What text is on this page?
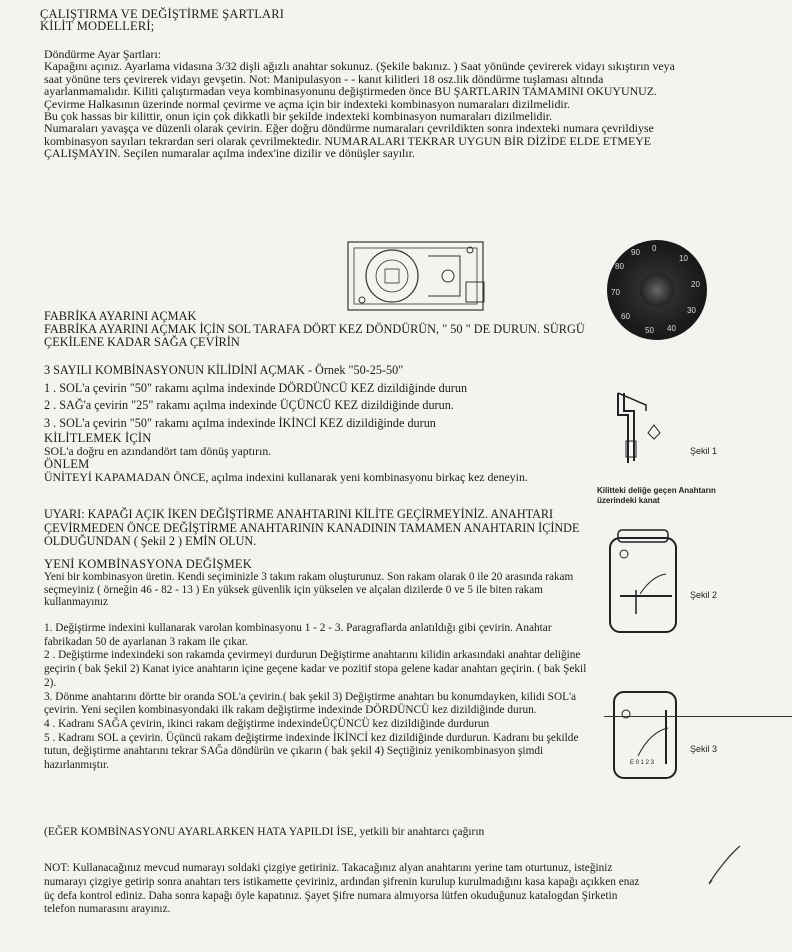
ÇALIŞTIRMA VE DEĞİŞTİRME ŞARTLARI

KİLİT MODELLERİ;

Döndürme Ayar Şartları:

Kapağını açınız. Ayarlama vidasına 3/32 dişli ağızlı anahtar sokunuz. (Şekile bakınız. ) Saat yönünde çevirerek vidayı sıkıştırın veya saat yönüne ters çevirerek vidayı gevşetin. Not: Manipulasyon - - kanıt kilitleri 18 osz.lik döndürme tuşlaması altında ayarlanmamalıdır. Kiliti çalıştırmadan veya kombinasyonunu değiştirmeden önce BU ŞARTLARIN TAMAMINI OKUYUNUZ.

Çevirme Halkasının üzerinde normal çevirme ve açma için bir indexteki kombinasyon numaraları dizilmelidir.

Bu çok hassas bir kilittir, onun için çok dikkatli bir şekilde indexteki kombinasyon numaraları dizilmelidir.

Numaraları yavaşça ve düzenli olarak çevirin. Eğer doğru döndürme numaraları çevrildikten sonra indexteki numara çevrildiyse kombinasyon sayıları tekrardan seri olarak çevrilmektedir. NUMARALARI TEKRAR UYGUN BİR DİZİDE ELDE ETMEYE ÇALIŞMAYIN. Seçilen numaralar açılma index'ine dizilir ve dönüşler sayılır.

0
10
20
30
40
50
60
70
80
90

FABRİKA AYARINI AÇMAK

FABRİKA AYARINI AÇMAK İÇİN SOL TARAFA DÖRT KEZ DÖNDÜRÜN, " 50 " DE DURUN. SÜRGÜ ÇEKİLENE KADAR SAĞA ÇEVİRİN

3 SAYILI KOMBİNASYONUN KİLİDİNİ AÇMAK - Örnek "50-25-50"

1 . SOL'a çevirin "50" rakamı açılma indexinde DÖRDÜNCÜ KEZ dizildiğinde durun

2 . SAĞ'a çevirin "25" rakamı açılma indexinde ÜÇÜNCÜ KEZ dizildiğinde durun.

3 . SOL'a çevirin "50" rakamı açılma indexinde İKİNCİ KEZ dizildiğinde durun

KİLİTLEMEK İÇİN

SOL'a doğru en azındandört tam dönüş yaptırın.

ÖNLEM

ÜNİTEYİ KAPAMADAN ÖNCE, açılma indexini kullanarak yeni kombinasyonu birkaç kez deneyin.

UYARI: KAPAĞI AÇIK İKEN DEĞİŞTİRME ANAHTARINI KİLİTE GEÇİRMEYİNİZ. ANAHTARI ÇEVİRMEDEN ÖNCE DEĞİŞTİRME ANAHTARININ KANADININ TAMAMEN ANAHTARIN İÇİNDE OLDUĞUNDAN ( Şekil 2 ) EMİN OLUN.

YENİ KOMBİNASYONA DEĞİŞMEK

Yeni bir kombinasyon üretin. Kendi seçiminizle 3 takım rakam oluşturunuz. Son rakam olarak 0 ile 20 arasında rakam seçmeyiniz ( örneğin 46 - 82 - 13 ) En yüksek güvenlik için yükselen ve alçalan dizilerde 0 ve 5 ile biten rakam kullanmayınız

1. Değiştirme indexini kullanarak varolan kombinasyonu 1 - 2 - 3. Paragraflarda anlatıldığı gibi çevirin. Anahtar fabrikadan 50 de ayarlanan 3 rakam ile çıkar.

2 . Değiştirme indexindeki son rakamda çevirmeyi durdurun Değiştirme anahtarını kilidin arkasındaki anahtar deliğine geçirin ( bak Şekil 2) Kanat iyice anahtarın içine geçene kadar ve pozitif stopa gelene kadar anahtarı geçirin. ( bak Şekil 2).

3. Dönme anahtarını dörtte bir oranda SOL'a çevirin.( bak şekil 3) Değiştirme anahtarı bu konumdayken, kilidi SOL'a çevirin. Yeni seçilen kombinasyondaki ilk rakam değiştirme indexinde DÖRDÜNCÜ kez dizildiğinde durun.

4 . Kadranı SAĞA çevirin, ikinci rakam değiştirme indexindeÜÇÜNCÜ kez dizildiğinde durdurun

5 . Kadranı SOL a çevirin. Üçüncü rakam değiştirme indexinde İKİNCİ kez dizildiğinde durdurun. Kadranı bu şekilde tutun, değiştirme anahtarını tekrar SAĞa döndürün ve çıkarın ( bak şekil 4) Seçtiğiniz yenikombinasyon şimdi hazırlanmıştır.

(EĞER KOMBİNASYONU AYARLARKEN HATA YAPILDI İSE, yetkili bir anahtarcı çağırın

NOT: Kullanacağınız mevcud numarayı soldaki çizgiye getiriniz. Takacağınız alyan anahtarını yerine tam oturtunuz, isteğiniz numarayı çizgiye getirip sonra anahtarı ters istikamette çeviriniz, ardından şifrenin kurulup kurulmadığını kasa kapağı açıkken enaz üç defa kontrol ediniz. Daha sonra kapağı öyle kapatınız. Şayet Şifre numara almıyorsa lütfen okuduğunuz katalogdan Şirketin telefon numarasını arayınız.

Şekil 1
Kilitteki deliğe geçen Anahtarın üzerindeki kanat
Şekil 2
E 0 1 2 3
Şekil 3
